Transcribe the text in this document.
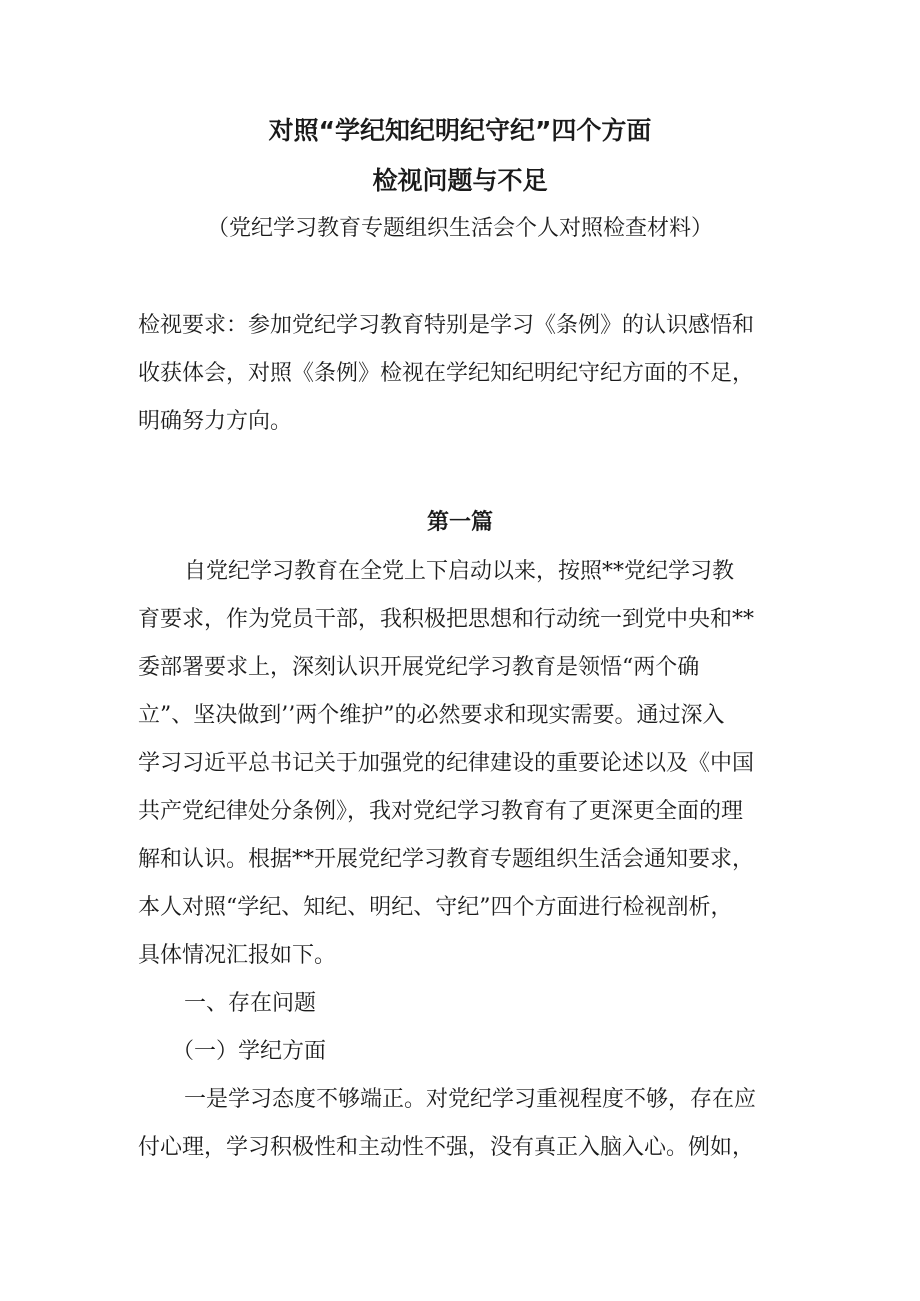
对照“学纪知纪明纪守纪”四个方面
检视问题与不足
（党纪学习教育专题组织生活会个人对照检查材料）
检视要求：参加党纪学习教育特别是学习《条例》的认识感悟和
收获体会，对照《条例》检视在学纪知纪明纪守纪方面的不足，
明确努力方向。
第一篇
自党纪学习教育在全党上下启动以来，按照**党纪学习教
育要求，作为党员干部，我积极把思想和行动统一到党中央和**
委部署要求上，深刻认识开展党纪学习教育是领悟“两个确
立”、坚决做到’’两个维护”的必然要求和现实需要。通过深入
学习习近平总书记关于加强党的纪律建设的重要论述以及《中国
共产党纪律处分条例》，我对党纪学习教育有了更深更全面的理
解和认识。根据**开展党纪学习教育专题组织生活会通知要求，
本人对照“学纪、知纪、明纪、守纪”四个方面进行检视剖析，
具体情况汇报如下。
一、存在问题
（一）学纪方面
一是学习态度不够端正。对党纪学习重视程度不够，存在应
付心理，学习积极性和主动性不强，没有真正入脑入心。例如，
